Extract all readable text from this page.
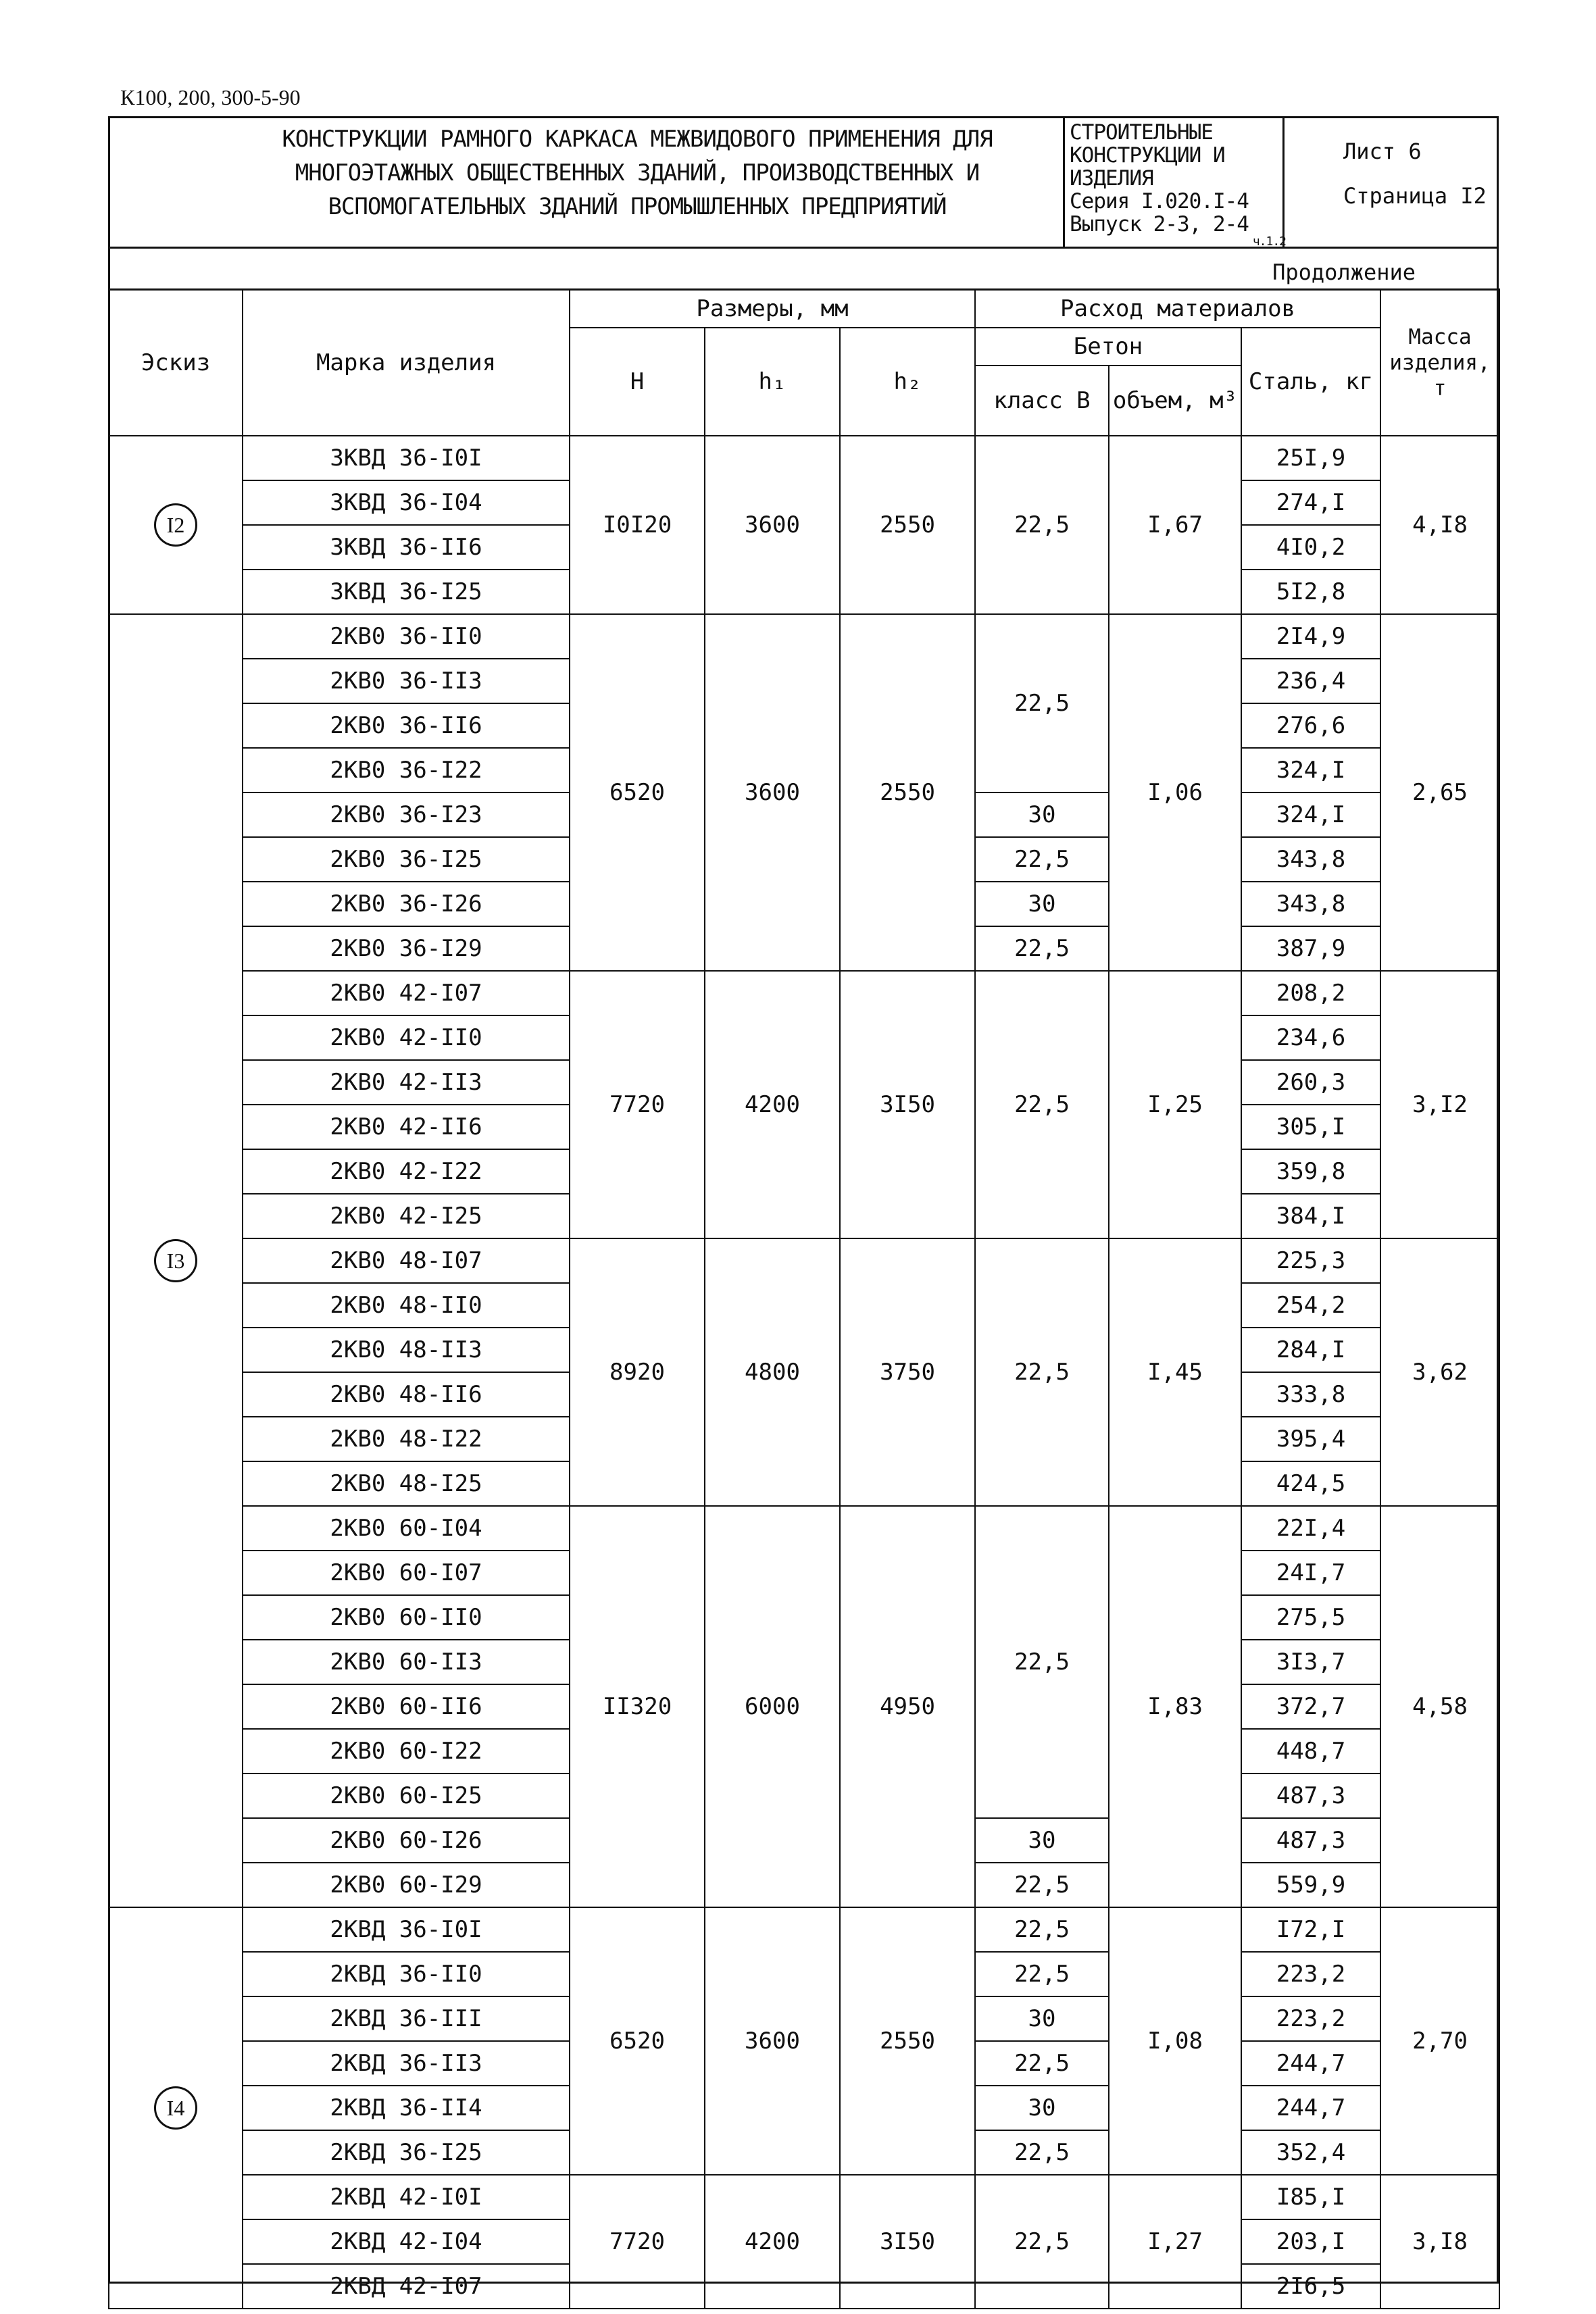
К100, 200, 300-5-90
КОНСТРУКЦИИ РАМНОГО КАРКАСА МЕЖВИДОВОГО ПРИМЕНЕНИЯ ДЛЯ
МНОГОЭТАЖНЫХ ОБЩЕСТВЕННЫХ ЗДАНИЙ, ПРОИЗВОДСТВЕННЫХ И
ВСПОМОГАТЕЛЬНЫХ ЗДАНИЙ ПРОМЫШЛЕННЫХ ПРЕДПРИЯТИЙ
СТРОИТЕЛЬНЫЕ
КОНСТРУКЦИИ И
ИЗДЕЛИЯ
Серия I.020.I-4
Выпуск 2-3, 2-4
ч.1.2
Лист 6
Страница I2
Продолжение
Эскиз	Марка изделия	Размеры, мм			Расход материалов			Масса изделия, т
		Н	h₁	h₂	Бетон		Сталь, кг	
					класс В	объем, м³		
I2	3КВД 36-I0I	I0I20	3600	2550	22,5	I,67	25I,9	4,I8
	3КВД 36-I04						274,I	
	3КВД 36-II6						4I0,2	
	3КВД 36-I25						5I2,8	
I3	2КВ0 36-II0	6520	3600	2550	22,5	I,06	2I4,9	2,65
	2КВ0 36-II3						236,4	
	2КВ0 36-II6						276,6	
	2КВ0 36-I22						324,I	
	2КВ0 36-I23				30		324,I	
	2КВ0 36-I25				22,5		343,8	
	2КВ0 36-I26				30		343,8	
	2КВ0 36-I29				22,5		387,9	
	2КВ0 42-I07	7720	4200	3I50	22,5	I,25	208,2	3,I2
	2КВ0 42-II0						234,6	
	2КВ0 42-II3						260,3	
	2КВ0 42-II6						305,I	
	2КВ0 42-I22						359,8	
	2КВ0 42-I25						384,I	
	2КВ0 48-I07	8920	4800	3750	22,5	I,45	225,3	3,62
	2КВ0 48-II0						254,2	
	2КВ0 48-II3						284,I	
	2КВ0 48-II6						333,8	
	2КВ0 48-I22						395,4	
	2КВ0 48-I25						424,5	
	2КВ0 60-I04	II320	6000	4950	22,5	I,83	22I,4	4,58
	2КВ0 60-I07						24I,7	
	2КВ0 60-II0						275,5	
	2КВ0 60-II3						3I3,7	
	2КВ0 60-II6						372,7	
	2КВ0 60-I22						448,7	
	2КВ0 60-I25						487,3	
	2КВ0 60-I26				30		487,3	
	2КВ0 60-I29				22,5		559,9	
I4	2КВД 36-I0I	6520	3600	2550	22,5	I,08	I72,I	2,70
	2КВД 36-II0				22,5		223,2	
	2КВД 36-III				30		223,2	
	2КВД 36-II3				22,5		244,7	
	2КВД 36-II4				30		244,7	
	2КВД 36-I25				22,5		352,4	
	2КВД 42-I0I	7720	4200	3I50	22,5	I,27	I85,I	3,I8
	2КВД 42-I04						203,I	
	2КВД 42-I07						2I6,5	
